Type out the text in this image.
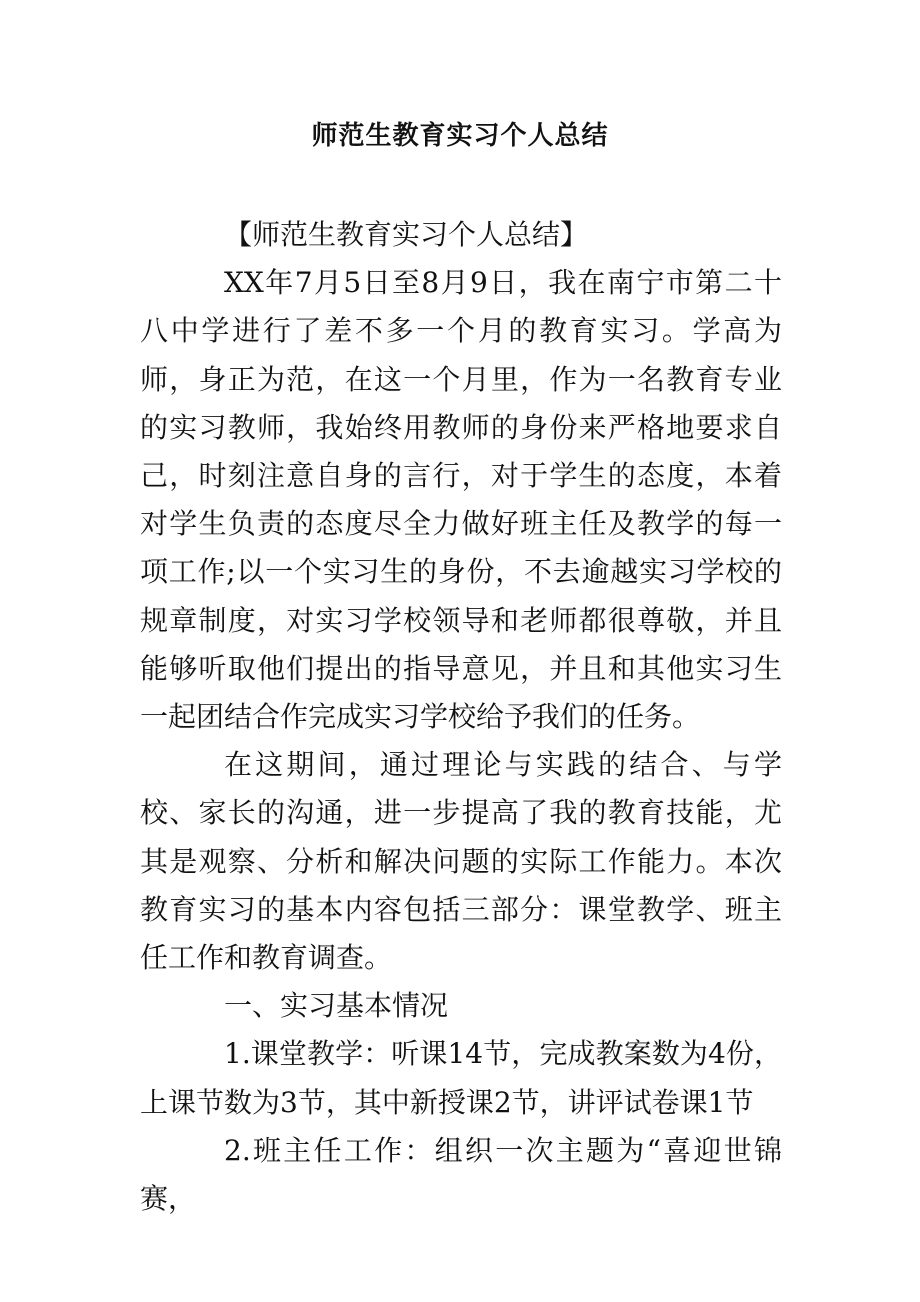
师范生教育实习个人总结

【师范生教育实习个人总结】

XX年7月5日至8月9日，我在南宁市第二十八中学进行了差不多一个月的教育实习。学高为师，身正为范，在这一个月里，作为一名教育专业的实习教师，我始终用教师的身份来严格地要求自己，时刻注意自身的言行，对于学生的态度，本着对学生负责的态度尽全力做好班主任及教学的每一项工作;以一个实习生的身份，不去逾越实习学校的规章制度，对实习学校领导和老师都很尊敬，并且能够听取他们提出的指导意见，并且和其他实习生一起团结合作完成实习学校给予我们的任务。

在这期间，通过理论与实践的结合、与学校、家长的沟通，进一步提高了我的教育技能，尤其是观察、分析和解决问题的实际工作能力。本次教育实习的基本内容包括三部分：课堂教学、班主任工作和教育调查。

一、实习基本情况

1.课堂教学：听课14节，完成教案数为4份，上课节数为3节，其中新授课2节，讲评试卷课1节

2.班主任工作：组织一次主题为“喜迎世锦赛，
